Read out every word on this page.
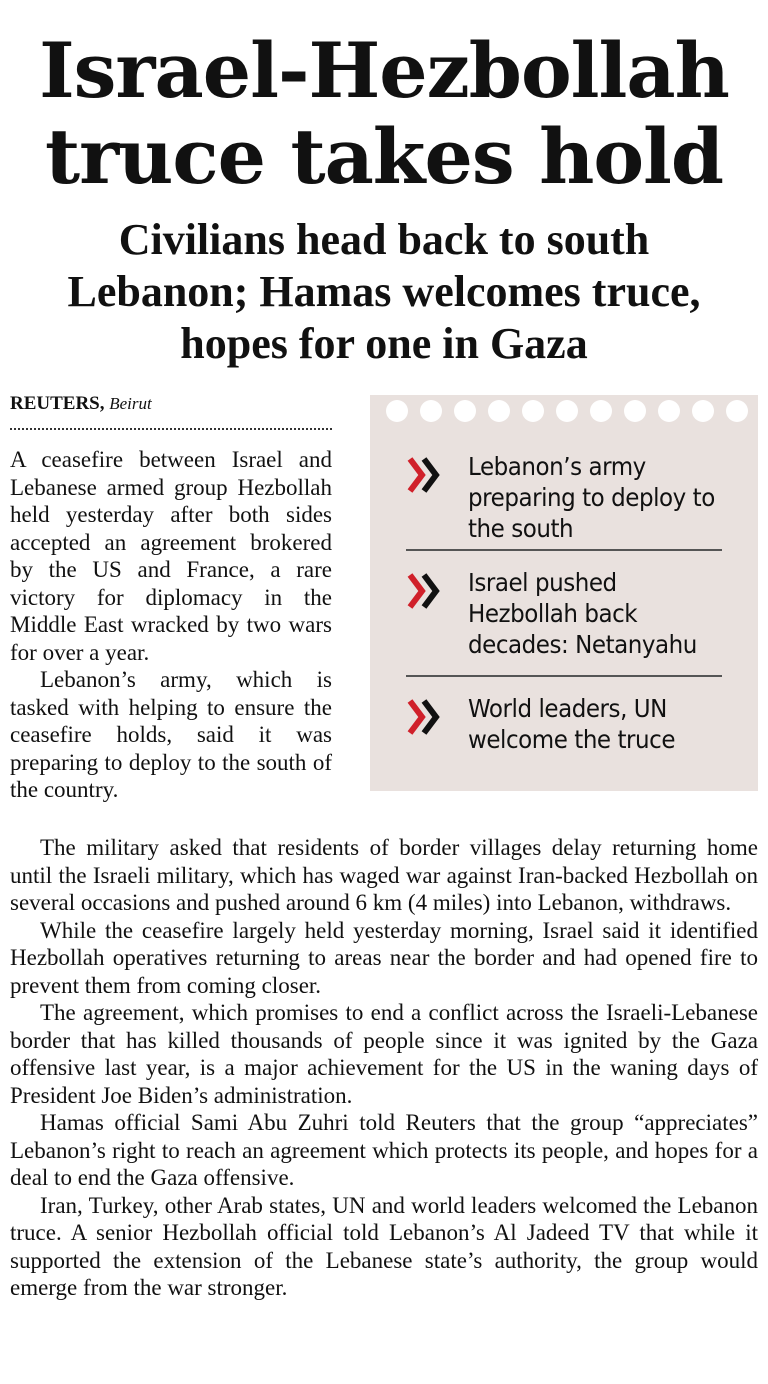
Israel-Hezbollah
truce takes hold
Civilians head back to south
Lebanon; Hamas welcomes truce,
hopes for one in Gaza
REUTERS, Beirut

A ceasefire between Israel and Lebanese armed group Hezbollah held yesterday after both sides accepted an agreement brokered by the US and France, a rare victory for diplomacy in the Middle East wracked by two wars for over a year.

Lebanon’s army, which is tasked with helping to ensure the ceasefire holds, said it was preparing to deploy to the south of the country.

Lebanon’s army preparing to deploy to the south
Israel pushed Hezbollah back decades: Netanyahu
World leaders, UN welcome the truce

The military asked that residents of border villages delay returning home until the Israeli military, which has waged war against Iran-backed Hezbollah on several occasions and pushed around 6 km (4 miles) into Lebanon, withdraws.

While the ceasefire largely held yesterday morning, Israel said it identified Hezbollah operatives returning to areas near the border and had opened fire to prevent them from coming closer.

The agreement, which promises to end a conflict across the Israeli-Lebanese border that has killed thousands of people since it was ignited by the Gaza offensive last year, is a major achievement for the US in the waning days of President Joe Biden’s administration.

Hamas official Sami Abu Zuhri told Reuters that the group “appreciates” Lebanon’s right to reach an agreement which protects its people, and hopes for a deal to end the Gaza offensive.

Iran, Turkey, other Arab states, UN and world leaders welcomed the Lebanon truce. A senior Hezbollah official told Lebanon’s Al Jadeed TV that while it supported the extension of the Lebanese state’s authority, the group would emerge from the war stronger.
